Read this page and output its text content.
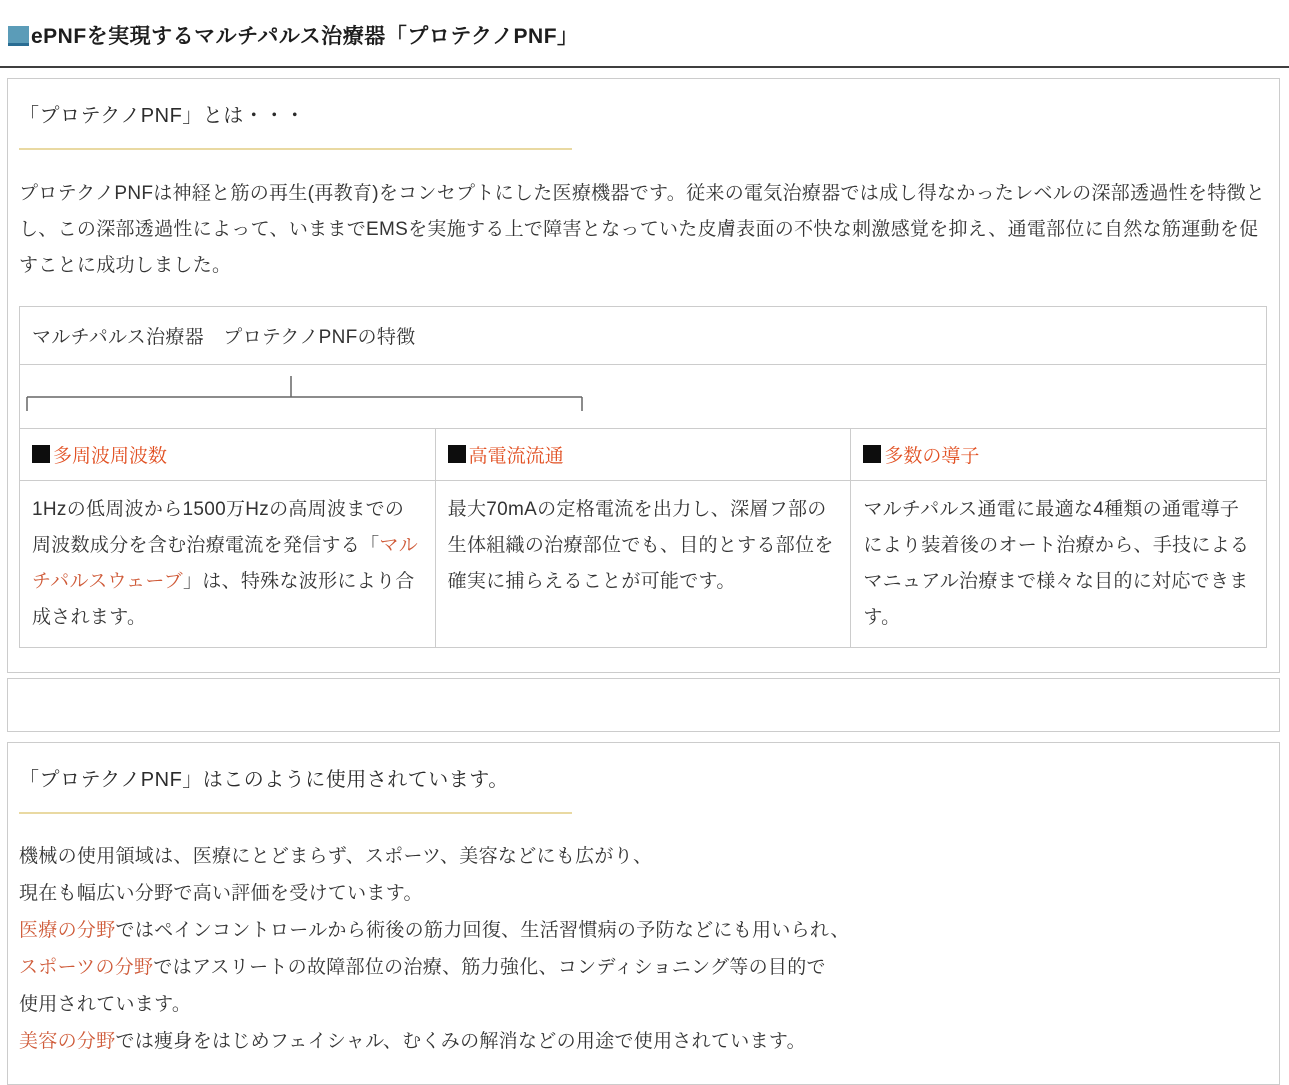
ePNFを実現するマルチパルス治療器「プロテクノPNF」
「プロテクノPNF」とは・・・

プロテクノPNFは神経と筋の再生(再教育)をコンセプトにした医療機器です。従来の電気治療器では成し得なかったレベルの深部透過性を特徴とし、この深部透過性によって、いままでEMSを実施する上で障害となっていた皮膚表面の不快な刺激感覚を抑え、通電部位に自然な筋運動を促すことに成功しました。

マルチパルス治療器　プロテクノPNFの特徴		

多周波周波数	高電流流通	多数の導子
1Hzの低周波から1500万Hzの高周波までの周波数成分を含む治療電流を発信する「マルチパルスウェーブ」は、特殊な波形により合成されます。	最大70mAの定格電流を出力し、深層フ部の生体組織の治療部位でも、目的とする部位を確実に捕らえることが可能です。	マルチパルス通電に最適な4種類の通電導子により装着後のオート治療から、手技によるマニュアル治療まで様々な目的に対応できます。
「プロテクノPNF」はこのように使用されています。
機械の使用領域は、医療にとどまらず、スポーツ、美容などにも広がり、
現在も幅広い分野で高い評価を受けています。
医療の分野ではペインコントロールから術後の筋力回復、生活習慣病の予防などにも用いられ、
スポーツの分野ではアスリートの故障部位の治療、筋力強化、コンディショニング等の目的で
使用されています。
美容の分野では痩身をはじめフェイシャル、むくみの解消などの用途で使用されています。
